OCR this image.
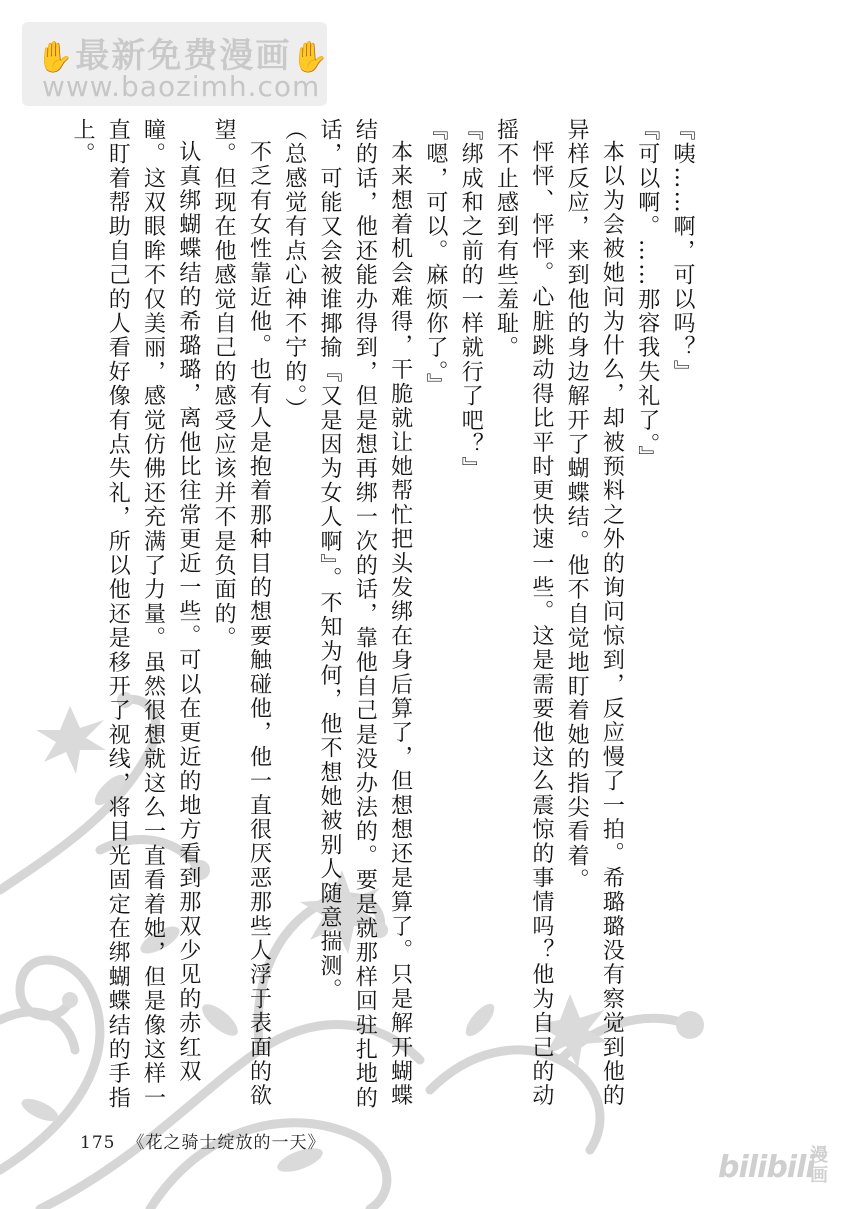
✋最新免费漫画✋
www.baozimh.com

『咦……啊，可以吗？』

『可以啊。……那容我失礼了。』

本以为会被她问为什么，却被预料之外的询问惊到，反应慢了一拍。希璐璐没有察觉到他的异样反应，来到他的身边解开了蝴蝶结。他不自觉地盯着她的指尖看着。

怦怦、怦怦。心脏跳动得比平时更快速一些。这是需要他这么震惊的事情吗？他为自己的动摇不止感到有些羞耻。

『绑成和之前的一样就行了吧？』

『嗯，可以。麻烦你了。』

本来想着机会难得，干脆就让她帮忙把头发绑在身后算了，但想想还是算了。只是解开蝴蝶结的话，他还能办得到，但是想再绑一次的话，靠他自己是没办法的。要是就那样回驻扎地的话，可能又会被谁揶揄『又是因为女人啊』。不知为何，他不想她被别人随意揣测。

（总感觉有点心神不宁的。）

不乏有女性靠近他。也有人是抱着那种目的想要触碰他，他一直很厌恶那些人浮于表面的欲望。但现在他感觉自己的感受应该并不是负面的。

认真绑蝴蝶结的希璐璐，离他比往常更近一些。可以在更近的地方看到那双少见的赤红双瞳。这双眼眸不仅美丽，感觉仿佛还充满了力量。虽然很想就这么一直看着她，但是像这样一直盯着帮助自己的人看好像有点失礼，所以他还是移开了视线，将目光固定在绑蝴蝶结的手指上。

175 《花之骑士绽放的一天》
bilibili
漫画
